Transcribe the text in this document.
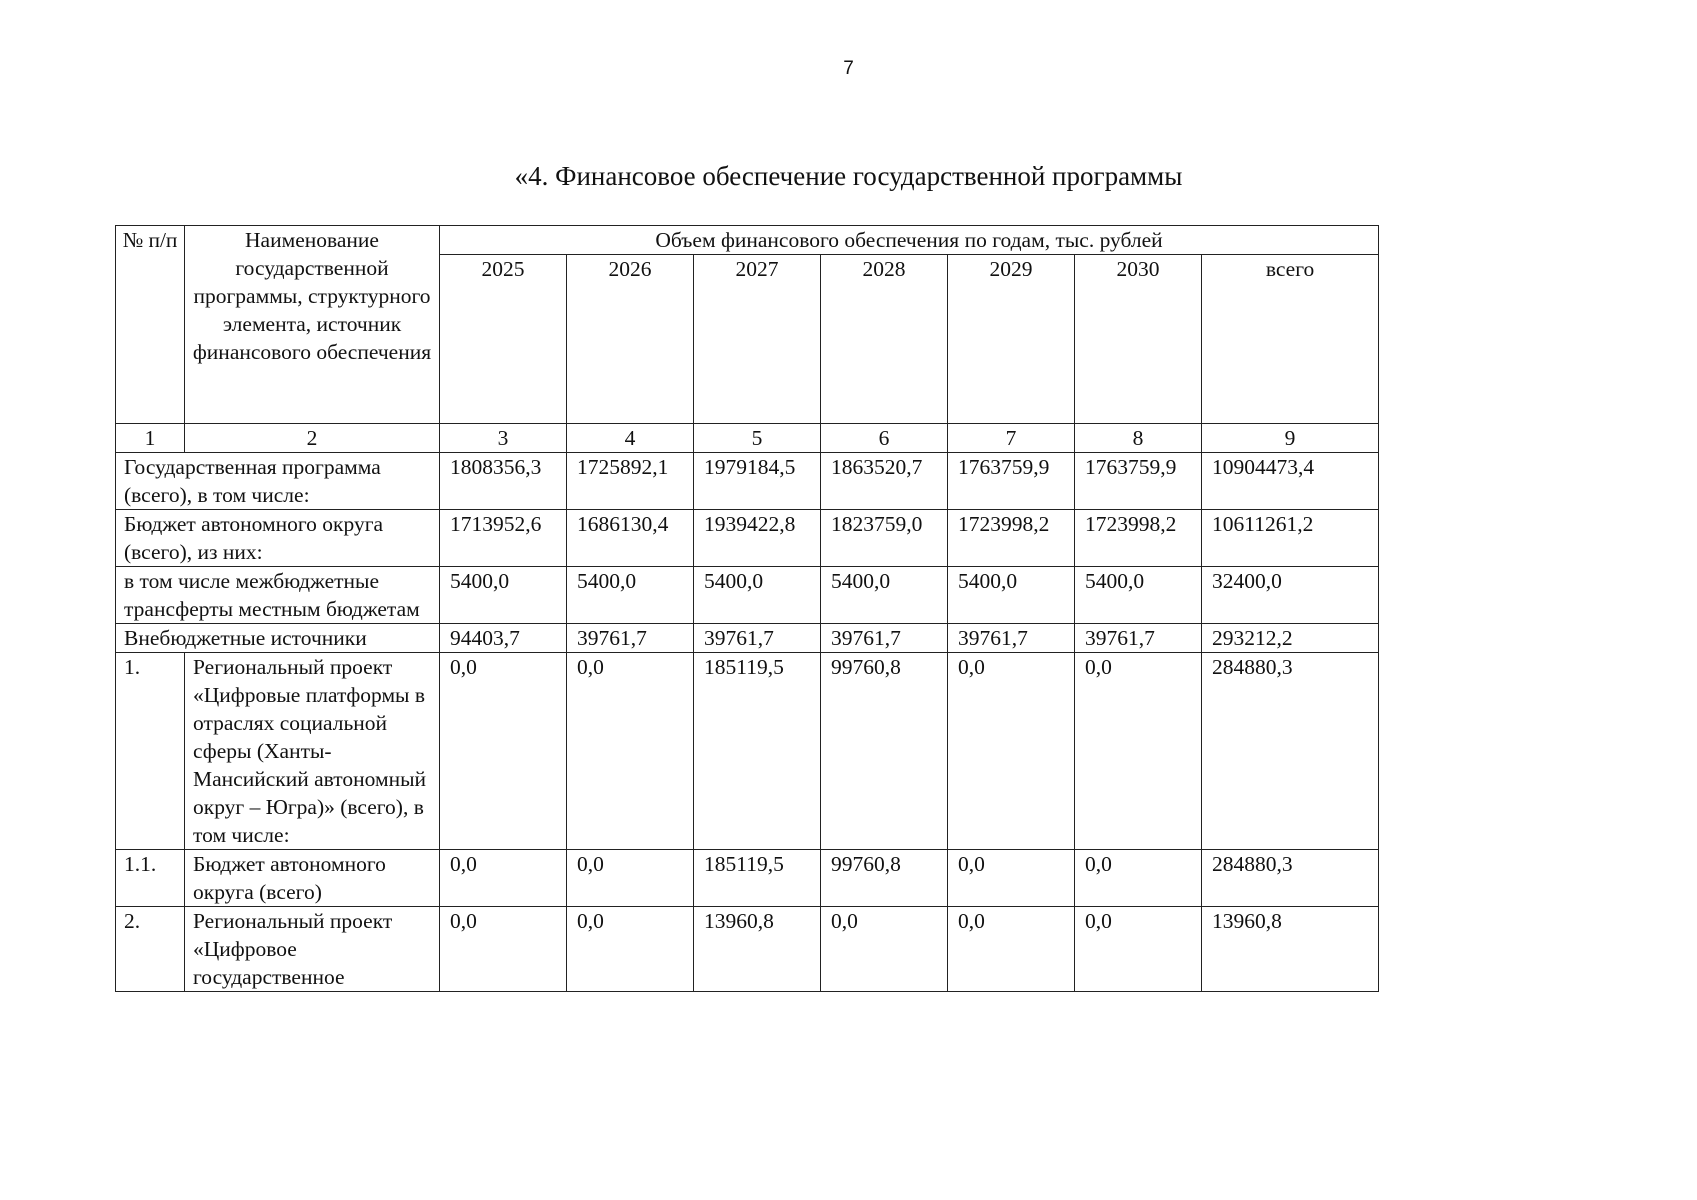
7
«4. Финансовое обеспечение государственной программы
№ п/п	Наименование государственной программы, структурного элемента, источник финансового обеспечения	Объем финансового обеспечения по годам, тыс. рублей						
		2025	2026	2027	2028	2029	2030	всего
1	2	3	4	5	6	7	8	9
Государственная программа (всего), в том числе:		1808356,3	1725892,1	1979184,5	1863520,7	1763759,9	1763759,9	10904473,4
Бюджет автономного округа (всего), из них:		1713952,6	1686130,4	1939422,8	1823759,0	1723998,2	1723998,2	10611261,2
в том числе межбюджетные трансферты местным бюджетам		5400,0	5400,0	5400,0	5400,0	5400,0	5400,0	32400,0
Внебюджетные источники		94403,7	39761,7	39761,7	39761,7	39761,7	39761,7	293212,2
1.	Региональный проект «Цифровые платформы в отраслях социальной сферы (Ханты-Мансийский автономный округ – Югра)» (всего), в том числе:	0,0	0,0	185119,5	99760,8	0,0	0,0	284880,3
1.1.	Бюджет автономного округа (всего)	0,0	0,0	185119,5	99760,8	0,0	0,0	284880,3
2.	Региональный проект «Цифровое государственное	0,0	0,0	13960,8	0,0	0,0	0,0	13960,8
